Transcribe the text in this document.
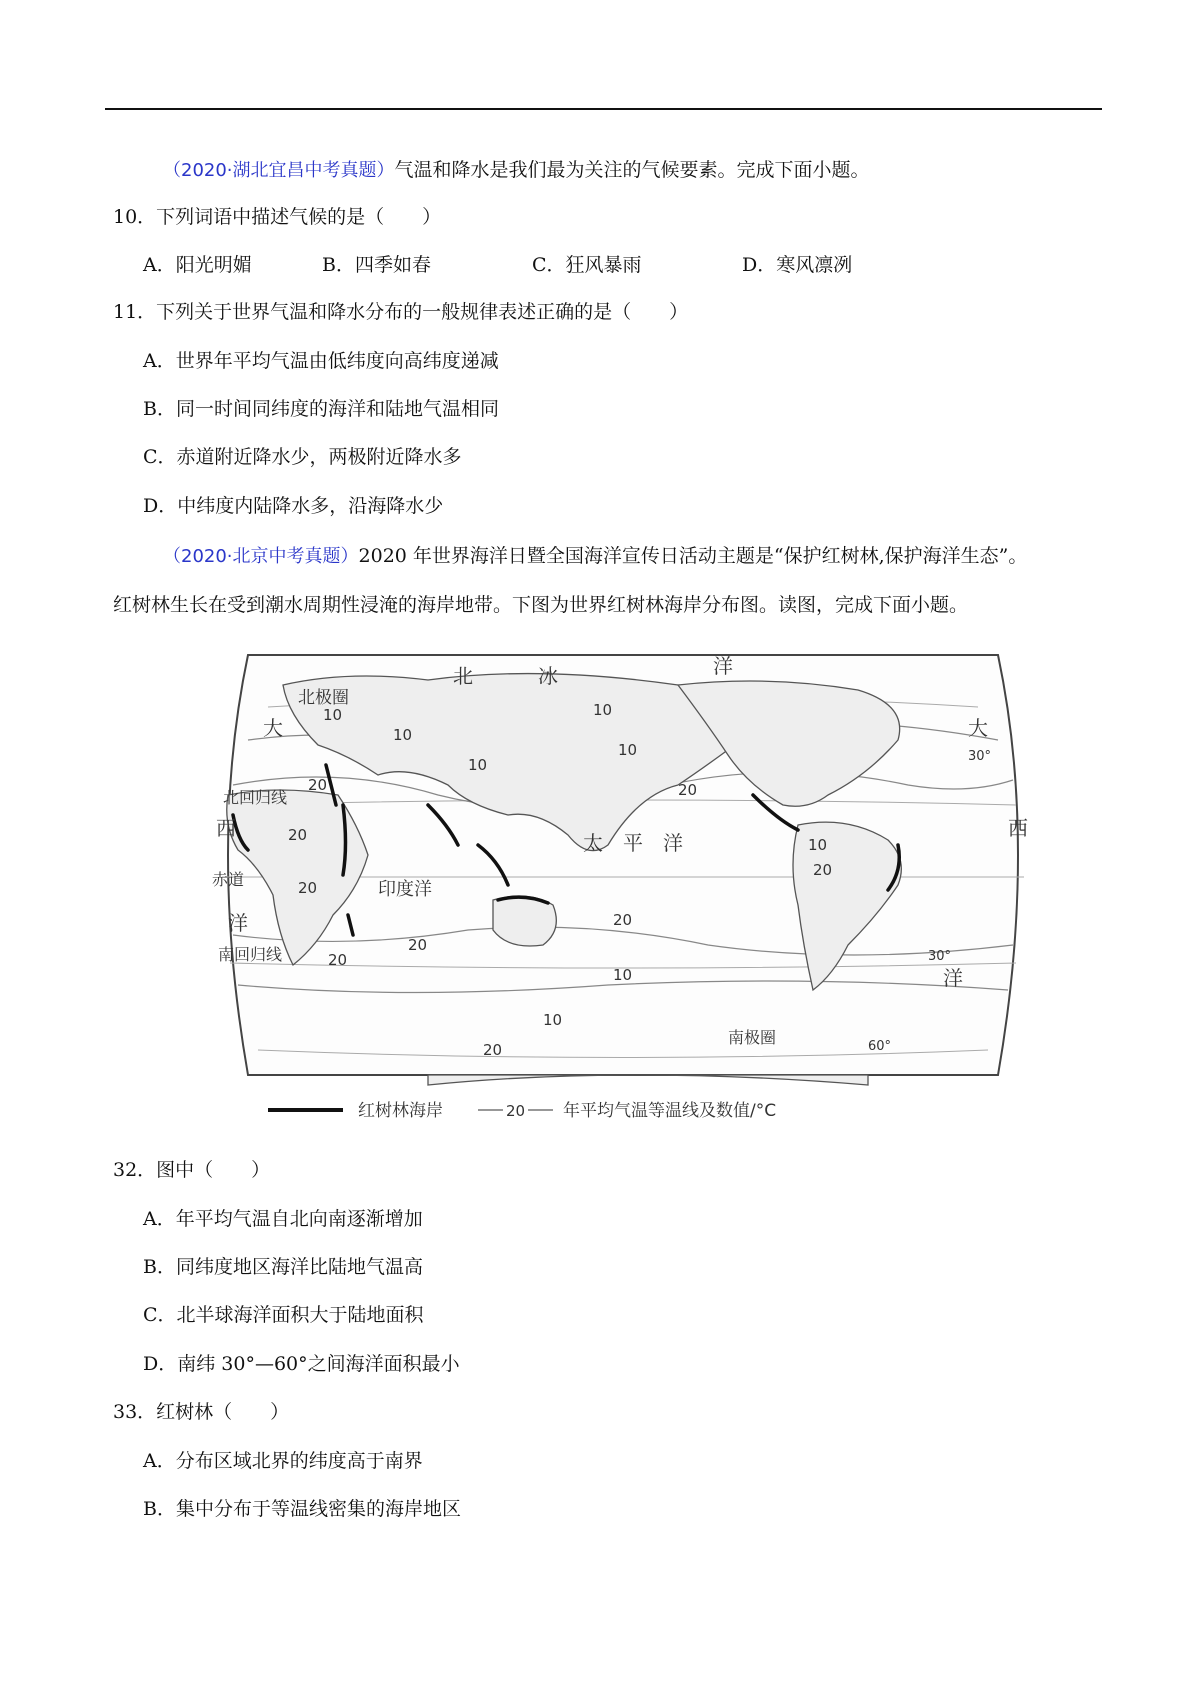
（2020·湖北宜昌中考真题）气温和降水是我们最为关注的气候要素。完成下面小题。
10．下列词语中描述气候的是（　　）
A．阳光明媚	B．四季如春	C．狂风暴雨	D．寒风凛冽
11．下列关于世界气温和降水分布的一般规律表述正确的是（　　）
A．世界年平均气温由低纬度向高纬度递减
B．同一时间同纬度的海洋和陆地气温相同
C．赤道附近降水少，两极附近降水多
D．中纬度内陆降水多，沿海降水少
（2020·北京中考真题）2020 年世界海洋日暨全国海洋宣传日活动主题是“保护红树林,保护海洋生态”。
红树林生长在受到潮水周期性浸淹的海岸地带。下图为世界红树林海岸分布图。读图，完成下面小题。
北	冰	洋
北极圈
大	大
北回归线
西	西
赤道
洋
洋
南回归线
太　平　洋
印度洋
南极圈
30°
30°
60°
10
10
10
10
10
20
20
20
20
20
20
20
20
10
10
10
20
红树林海岸	20 年平均气温等温线及数值/°C
32．图中（　　）
A．年平均气温自北向南逐渐增加
B．同纬度地区海洋比陆地气温高
C．北半球海洋面积大于陆地面积
D．南纬 30°—60°之间海洋面积最小
33．红树林（　　）
A．分布区域北界的纬度高于南界
B．集中分布于等温线密集的海岸地区
